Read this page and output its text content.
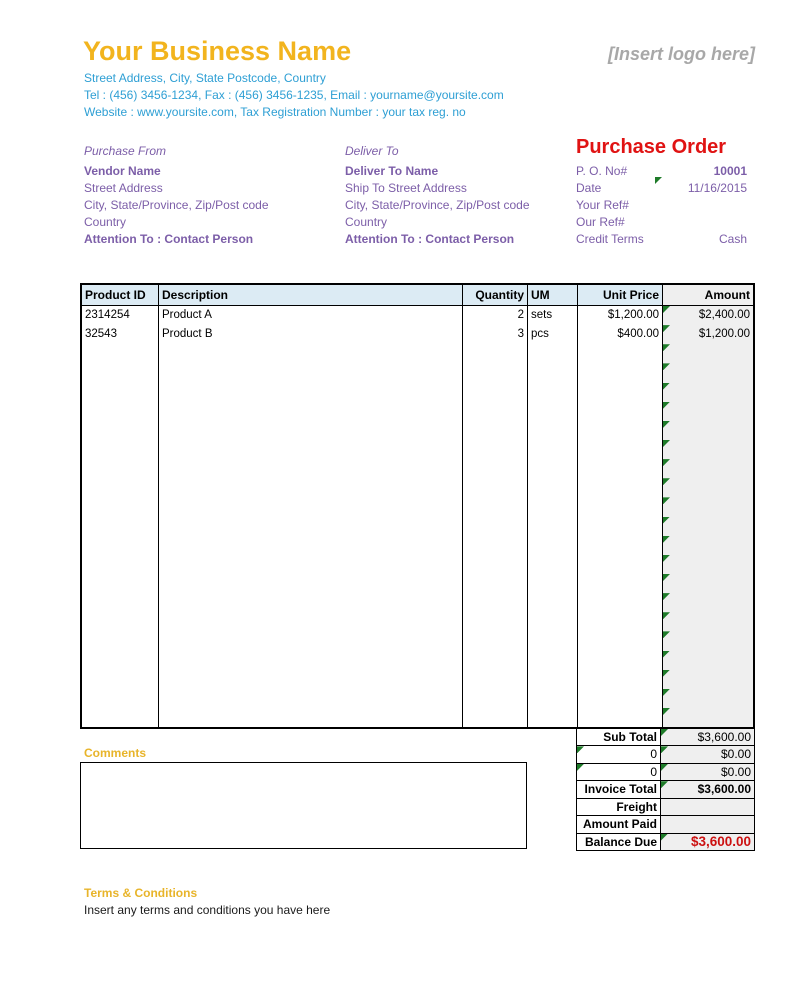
Your Business Name	[Insert logo here]
Street Address, City, State Postcode, Country
Tel : (456) 3456-1234, Fax : (456) 3456-1235, Email : yourname@yoursite.com
Website : www.yoursite.com, Tax Registration Number : your tax reg. no
Purchase From
Vendor Name
Street Address
City, State/Province, Zip/Post code
Country
Attention To : Contact Person
Deliver To
Deliver To Name
Ship To Street Address
City, State/Province, Zip/Post code
Country
Attention To : Contact Person
Purchase Order
P. O. No#	10001
Date	11/16/2015
Your Ref#
Our Ref#
Credit Terms	Cash
Product ID	Description	Quantity UM	Unit Price	Amount
2314254	Product A	2 sets	$1,200.00	$2,400.00
32543	Product B	3 pcs	$400.00	$1,200.00
Sub Total	$3,600.00
0	$0.00
0	$0.00
Invoice Total	$3,600.00
Freight
Amount Paid
Balance Due	$3,600.00
Comments
Terms & Conditions
Insert any terms and conditions you have here
